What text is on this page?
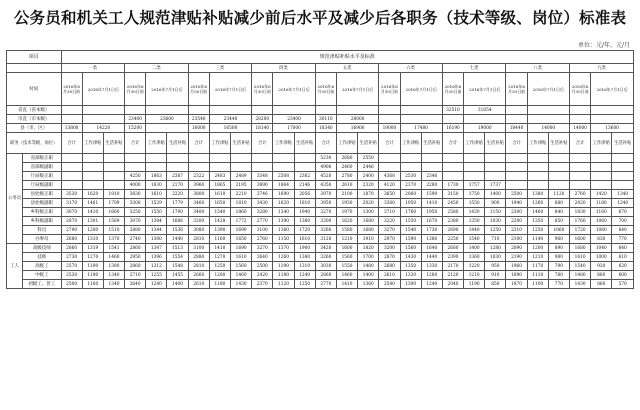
公务员和机关工人规范津贴补贴减少前后水平及减少后各职务（技术等级、岗位）标准表
单位：元/年、元/月
项目		规范津贴补贴水平及标准																										
		一类			二类			三类			四类			五类			六类			七类			八类			九类		
时间		2016年6月30日前	2016年7月1日后		2016年6月30日前	2016年7月1日后		2016年6月30日前	2016年7月1日后		2016年6月30日前	2016年7月1日后		2016年6月30日前	2016年7月1日后		2016年6月30日前	2016年7月1日后		2016年6月30日前	2016年7月1日后		2016年6月30日前	2016年7月1日后		2016年6月30日前	2016年7月1日后	
省直（省本级）																				32510	31054							
市直（市本级）					23400	23600		23540	23440		28200	23400		30110	28000													
县（市、区）		13800	14220		15200			16000	16500		18140	17000		18340	16900		19000	17480		16190	19000		18440	14000		14000	13600	
职务（技术等级、岗位）		合计	工作津贴	生活补贴	合计	工作津贴	生活补贴	合计	工作津贴	生活补贴	合计	工作津贴	生活补贴	合计	工作津贴	生活补贴	合计	工作津贴	生活补贴	合计	工作津贴	生活补贴	合计	工作津贴	生活补贴	合计	工作津贴	生活补贴
公务员	省部级正职													5230	2680	2550												
	省部级副职													4906	2460	2446												
	厅局级正职				4250	1863	2387	2322	2483	2489	3348	2508	2362	4520	2780	2400	4368	2530	2346									
	厅局级副职				4000	1830	2170	3960	1865	2195	3890	1864	2146	4350	2610	2320	4120	2370	2280	1730	1757	1737						
	县处级正职	3530	1620	1910	3830	1610	2220	3800	1610	2210	3746	1690	2056	3970	2100	1870	3650	2060	1590	3150	1750	1400	2500	1380	1120	2760	1420	1340
	县处级副职	3170	1461	1709	3308	1529	1779	3460	1650	1810	3430	1620	1810	3950	1930	2020	3360	1950	1410	2450	1550	900	1940	1260	680	2420	1180	1240
	乡科级正职	3070	1410	1660	3250	1550	1700	3400	1540	1860	3280	1340	1940	3270	1970	1300	3710	1760	1950	2580	1430	1150	2300	1460	840	1830	1160	670
	乡科级副职	2870	1301	1569	3070	1384	1686	3200	1428	1772	2770	1390	1380	3300	1620	1680	3220	1550	1670	2380	1350	1030	2200	1350	850	1760	1060	700
	科员	2790	1280	1510	2880	1344	1536	3080	1390	1690	3100	1380	1720	3260	1580	1680	3270	1540	1730	2690	1440	1250	2310	1250	1060	1720	1080	640
	办事员	2680	1310	1370	2740	1300	1440	2810	1160	1650	2760	1150	1610	3120	1210	1910	2970	1590	1380	2250	1540	710	2100	1140	960	1600	830	770
工人	高级技师	2860	1319	1541	2860	1347	1513	3100	1410	1690	3270	1370	1900	3420	1600	1820	3200	1560	1640	2680	1400	1280	2090	1200	890	1680	1040	640
	技师	2730	1270	1460	2950	1396	1554	2880	1270	1610	2640	1260	1380	3260	1560	1700	2870	1430	1440	2390	1360	1030	2190	1210	980	1610	1000	610
	高级工	2570	1190	1380	2860	1312	1548	2810	1250	1560	2500	1190	1310	3030	1550	1480	2680	1350	1330	2170	1220	950	1960	1170	790	1540	920	620
	中级工	2530	1190	1340	2710	1255	1455	2660	1200	1460	2420	1180	1240	2860	1460	1400	2610	1330	1280	2120	1210	910	1890	1110	780	1480	880	600
	初级工、普工	2500	1160	1340	2640	1240	1400	2610	1180	1430	2370	1120	1250	2770	1410	1360	2540	1300	1240	2040	1190	850	1870	1100	770	1430	860	570
